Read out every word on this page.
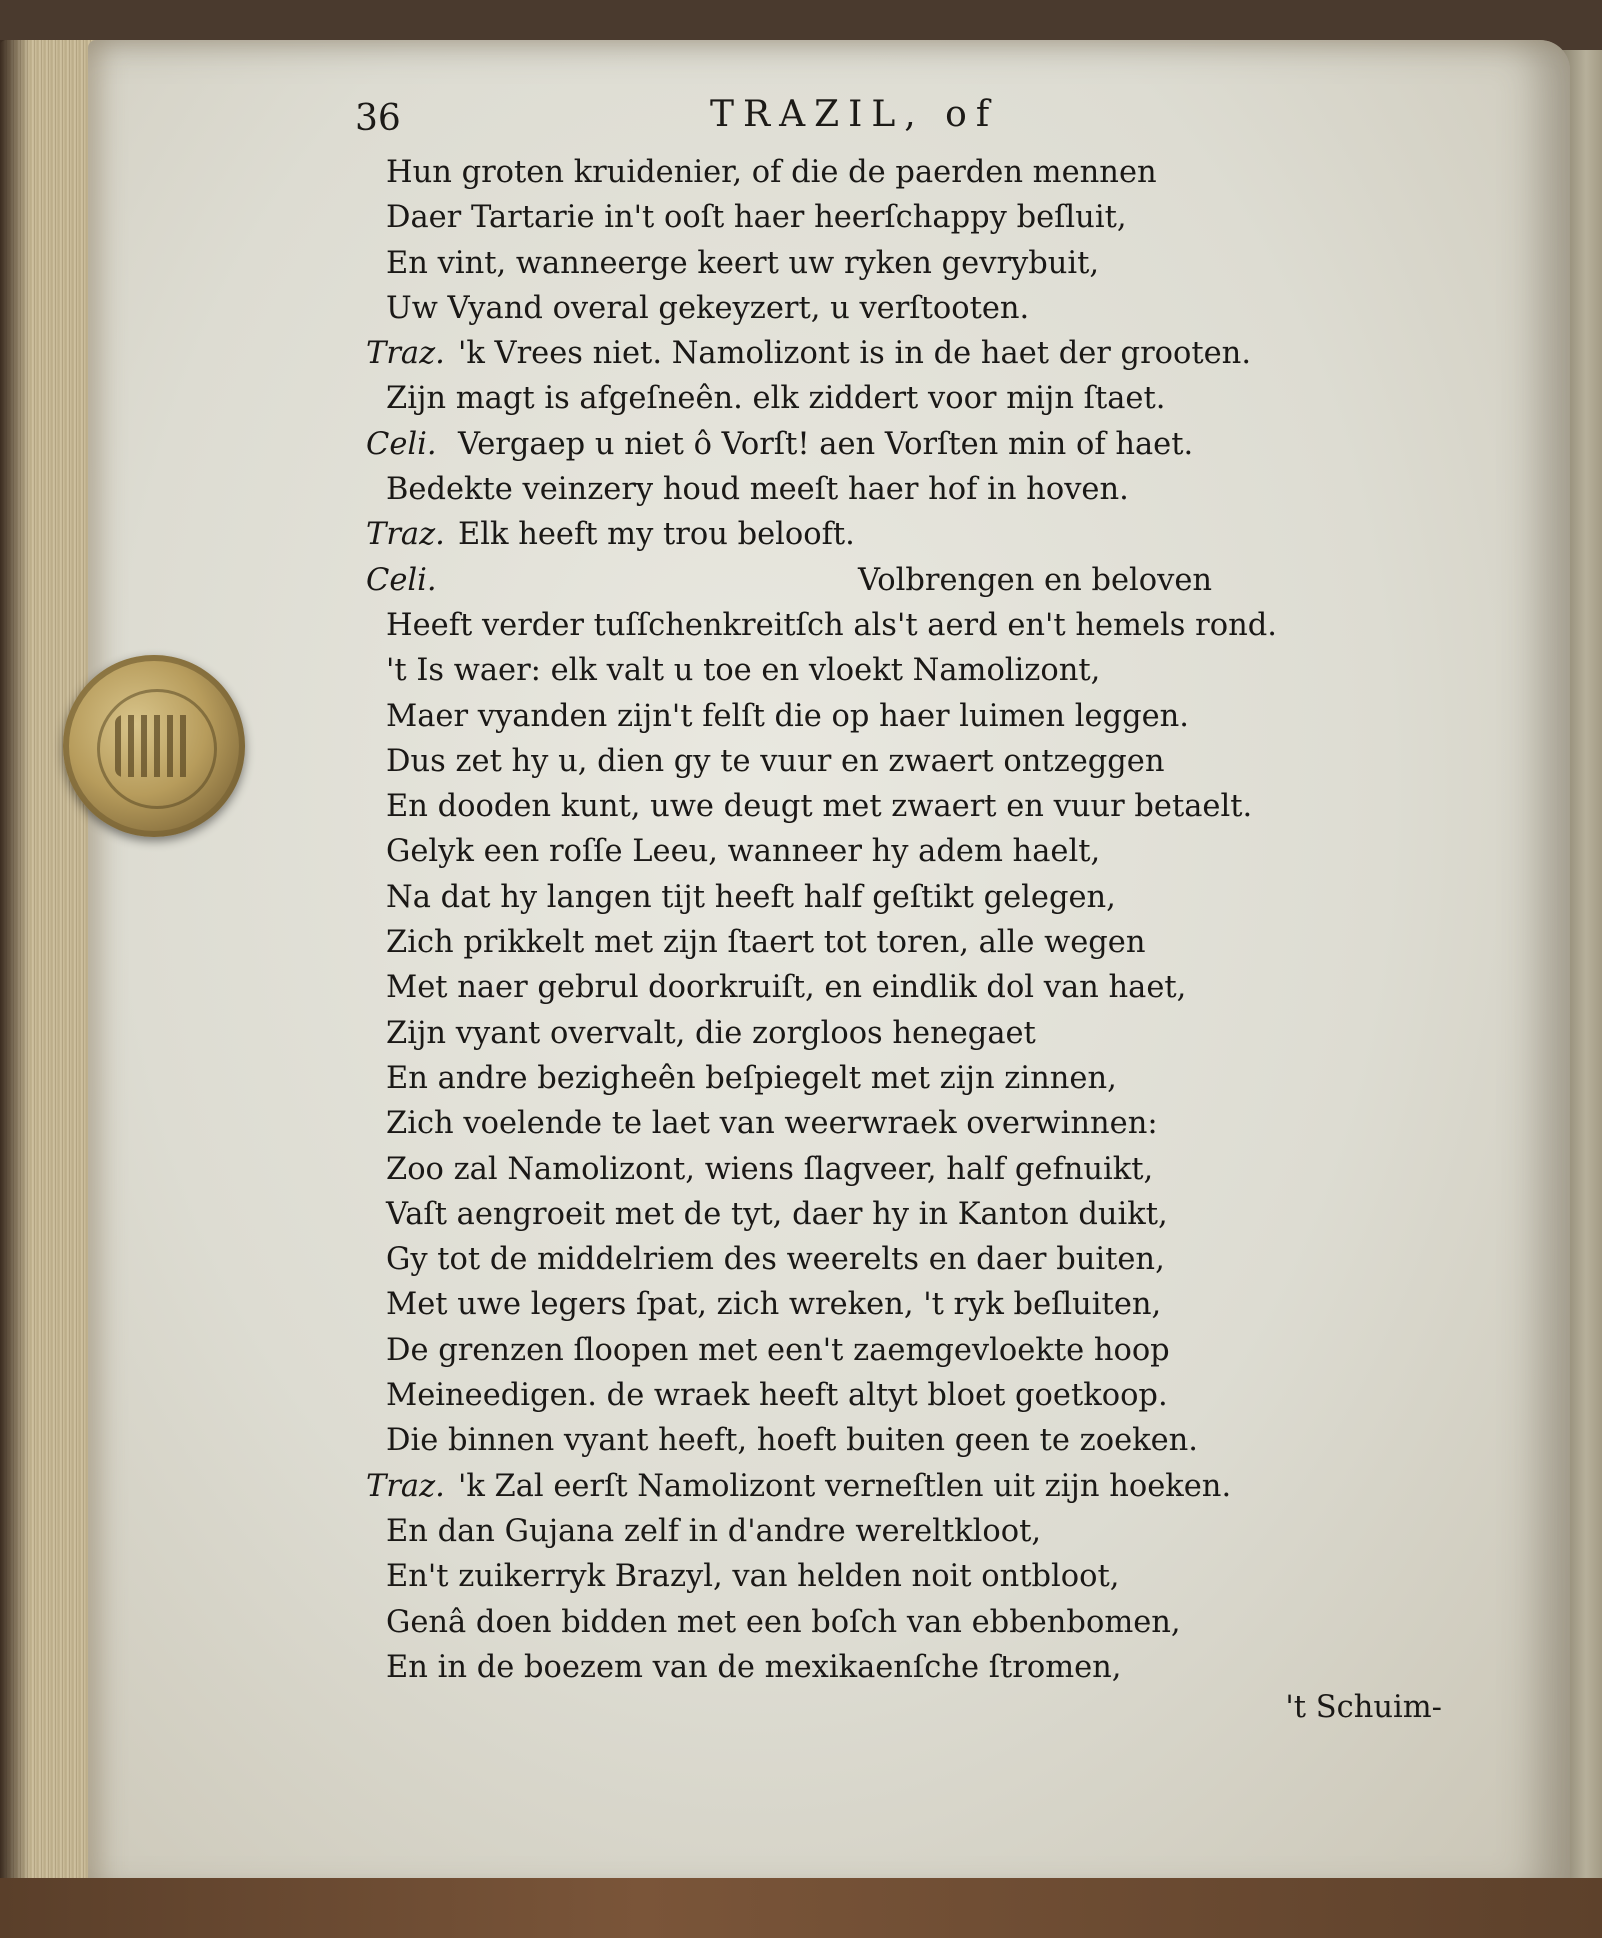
36	TRAZIL, of
Hun groten kruidenier, of die de paerden mennen
Daer Tartarie in't ooſt haer heerſchappy beſluit,
En vint, wanneerge keert uw ryken gevrybuit,
Uw Vyand overal gekeyzert, u verſtooten.
Traz. 'k Vrees niet. Namolizont is in de haet der grooten.
Zijn magt is afgeſneên. elk ziddert voor mijn ſtaet.
Celi. Vergaep u niet ô Vorſt! aen Vorſten min of haet.
Bedekte veinzery houd meeſt haer hof in hoven.
Traz. Elk heeft my trou belooft.
Celi.	Volbrengen en beloven
Heeft verder tuſſchenkreitſch als't aerd en't hemels rond.
't Is waer: elk valt u toe en vloekt Namolizont,
Maer vyanden zijn't felſt die op haer luimen leggen.
Dus zet hy u, dien gy te vuur en zwaert ontzeggen
En dooden kunt, uwe deugt met zwaert en vuur betaelt.
Gelyk een roſſe Leeu, wanneer hy adem haelt,
Na dat hy langen tijt heeft half geſtikt gelegen,
Zich prikkelt met zijn ſtaert tot toren, alle wegen
Met naer gebrul doorkruiſt, en eindlik dol van haet,
Zijn vyant overvalt, die zorgloos henegaet
En andre bezigheên beſpiegelt met zijn zinnen,
Zich voelende te laet van weerwraek overwinnen:
Zoo zal Namolizont, wiens ſlagveer, half gefnuikt,
Vaſt aengroeit met de tyt, daer hy in Kanton duikt,
Gy tot de middelriem des weerelts en daer buiten,
Met uwe legers ſpat, zich wreken, 't ryk beſluiten,
De grenzen ſloopen met een't zaemgevloekte hoop
Meineedigen. de wraek heeft altyt bloet goetkoop.
Die binnen vyant heeft, hoeft buiten geen te zoeken.
Traz. 'k Zal eerſt Namolizont verneſtlen uit zijn hoeken.
En dan Gujana zelf in d'andre wereltkloot,
En't zuikerryk Brazyl, van helden noit ontbloot,
Genâ doen bidden met een boſch van ebbenbomen,
En in de boezem van de mexikaenſche ſtromen,
't Schuim-
